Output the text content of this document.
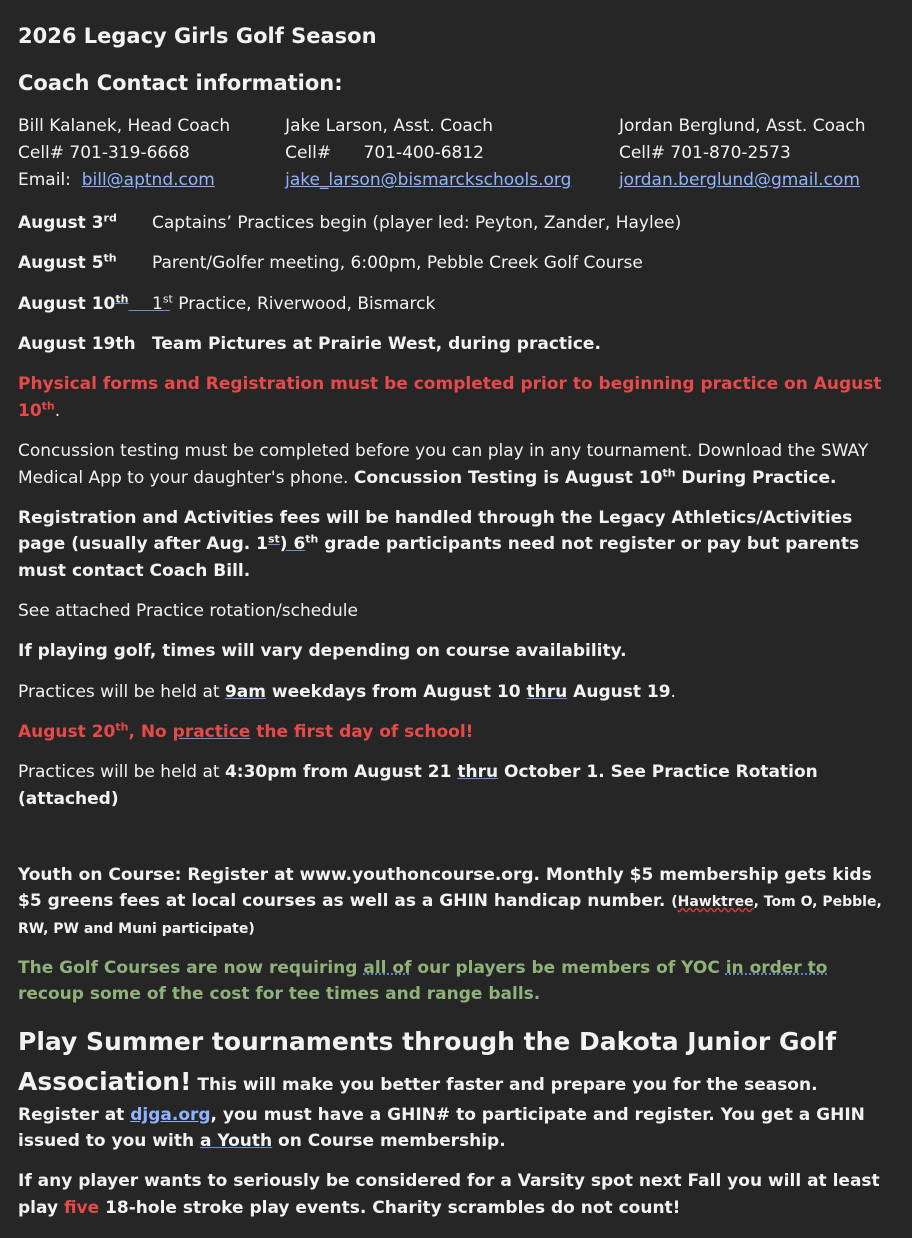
2026 Legacy Girls Golf Season
Coach Contact information:
Bill Kalanek, Head Coach
Cell# 701-319-6668
Email: bill@aptnd.com
Jake Larson, Asst. Coach
Cell#      701-400-6812
jake_larson@bismarckschools.org
Jordan Berglund, Asst. Coach
Cell# 701-870-2573
jordan.berglund@gmail.com
August 3rd	Captains’ Practices begin (player led: Peyton, Zander, Haylee)
August 5th	Parent/Golfer meeting, 6:00pm, Pebble Creek Golf Course
August 10th	1st Practice, Riverwood, Bismarck
August 19th Team Pictures at Prairie West, during practice.
Physical forms and Registration must be completed prior to beginning practice on August 10th.
Concussion testing must be completed before you can play in any tournament. Download the SWAY Medical App to your daughter's phone. Concussion Testing is August 10th During Practice.
Registration and Activities fees will be handled through the Legacy Athletics/Activities page (usually after Aug. 1st) 6th grade participants need not register or pay but parents must contact Coach Bill.
See attached Practice rotation/schedule
If playing golf, times will vary depending on course availability.
Practices will be held at 9am weekdays from August 10 thru August 19.
August 20th, No practice the first day of school!
Practices will be held at 4:30pm from August 21 thru October 1. See Practice Rotation (attached)
Youth on Course: Register at www.youthoncourse.org. Monthly $5 membership gets kids $5 greens fees at local courses as well as a GHIN handicap number. (Hawktree, Tom O, Pebble, RW, PW and Muni participate)
The Golf Courses are now requiring all of our players be members of YOC in order to recoup some of the cost for tee times and range balls.
Play Summer tournaments through the Dakota Junior Golf Association! This will make you better faster and prepare you for the season. Register at djga.org, you must have a GHIN# to participate and register. You get a GHIN issued to you with a Youth on Course membership.
If any player wants to seriously be considered for a Varsity spot next Fall you will at least play five 18-hole stroke play events. Charity scrambles do not count!
